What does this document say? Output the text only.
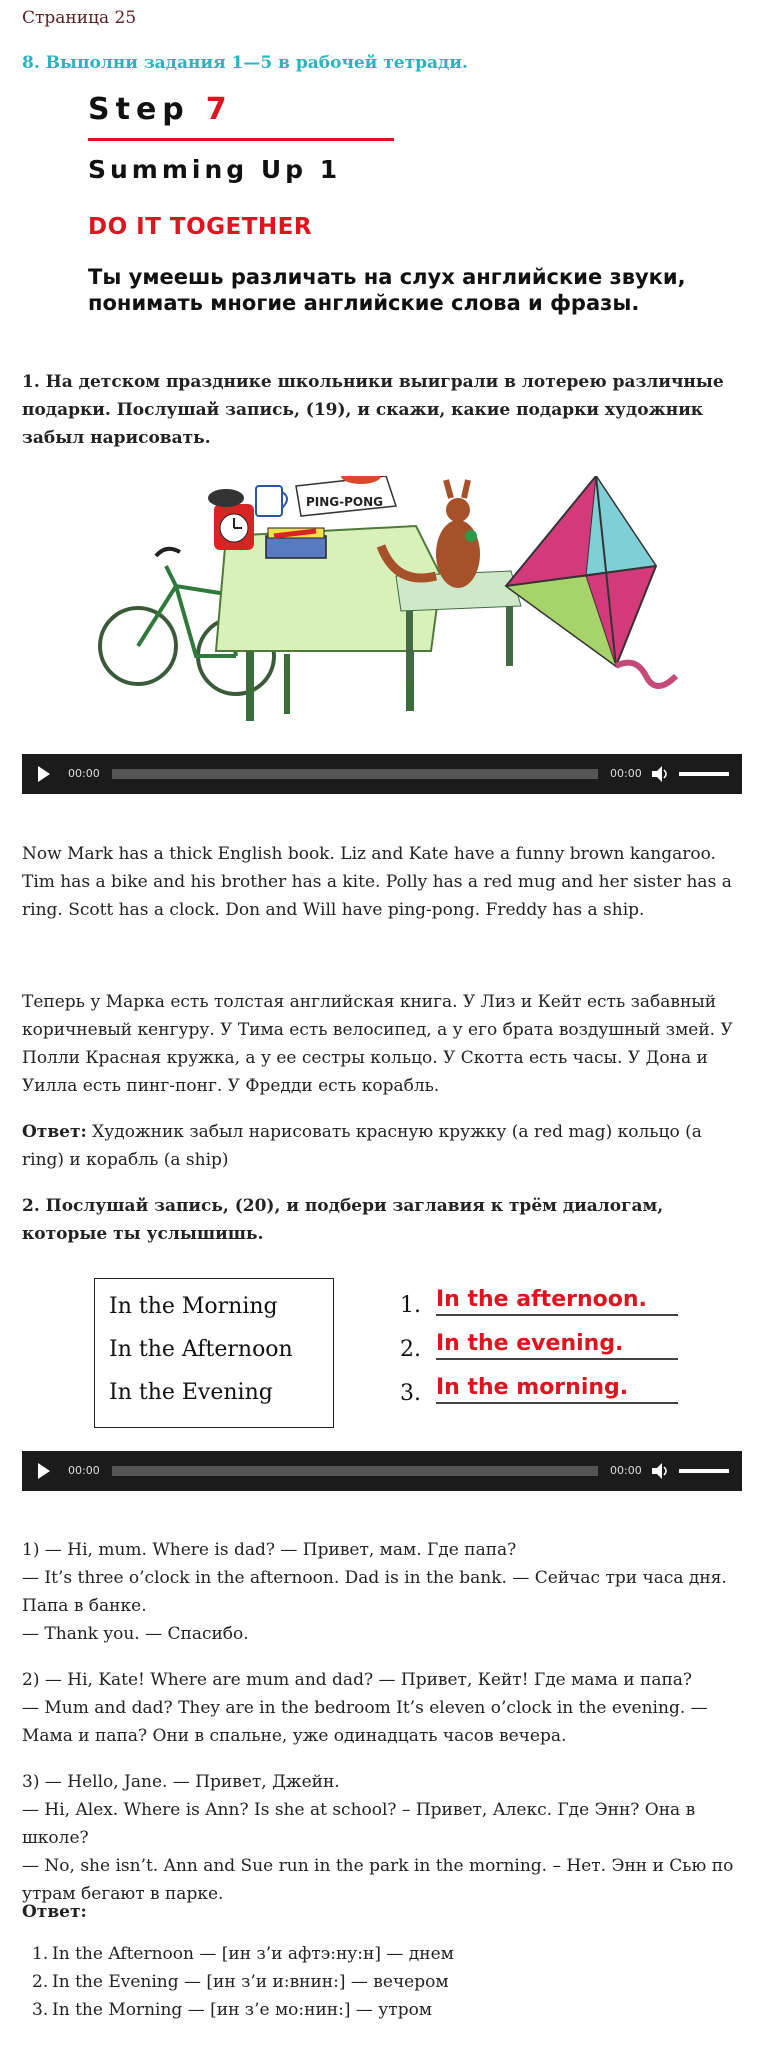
Страница 25
8. Выполни задания 1—5 в рабочей тетради.
Step 7
Summing Up 1
DO IT TOGETHER
Ты умеешь различать на слух английские звуки, понимать многие английские слова и фразы.
1. На детском празднике школьники выиграли в лотерею различные подарки. Послушай запись, (19), и скажи, какие подарки художник забыл нарисовать.
PING-PONG
00:00	00:00
Now Mark has a thick English book. Liz and Kate have a funny brown kangaroo. Tim has a bike and his brother has a kite. Polly has a red mug and her sister has a ring. Scott has a clock. Don and Will have ping-pong. Freddy has a ship.
Теперь у Марка есть толстая английская книга. У Лиз и Кейт есть забавный коричневый кенгуру. У Тима есть велосипед, а у его брата воздушный змей. У Полли Красная кружка, а у ее сестры кольцо. У Скотта есть часы. У Дона и Уилла есть пинг-понг. У Фредди есть корабль.
Ответ: Художник забыл нарисовать красную кружку (a red mag) кольцо (a ring) и корабль (a ship)
2. Послушай запись, (20), и подбери заглавия к трём диалогам, которые ты услышишь.
In the Morning
In the Afternoon
In the Evening
1. In the afternoon.
2. In the evening.
3. In the morning.
00:00	00:00
1) — Hi, mum. Where is dad? — Привет, мам. Где папа?
— It’s three o’clock in the afternoon. Dad is in the bank. — Сейчас три часа дня. Папа в банке.
— Thank you. — Спасибо.
2) — Hi, Kate! Where are mum and dad? — Привет, Кейт! Где мама и папа?
— Mum and dad? They are in the bedroom It’s eleven o’clock in the evening. — Мама и папа? Они в спальне, уже одинадцать часов вечера.
3) — Hello, Jane. — Привет, Джейн.
— Hi, Alex. Where is Ann? Is she at school? – Привет, Алекс. Где Энн? Она в школе?
— No, she isn’t. Ann and Sue run in the park in the morning. – Нет. Энн и Сью по утрам бегают в парке.
Ответ:
1. In the Afternoon — [ин з’и афтэ:ну:н] — днем
2. In the Evening — [ин з’и и:внин:] — вечером
3. In the Morning — [ин з’е мо:нин:] — утром
